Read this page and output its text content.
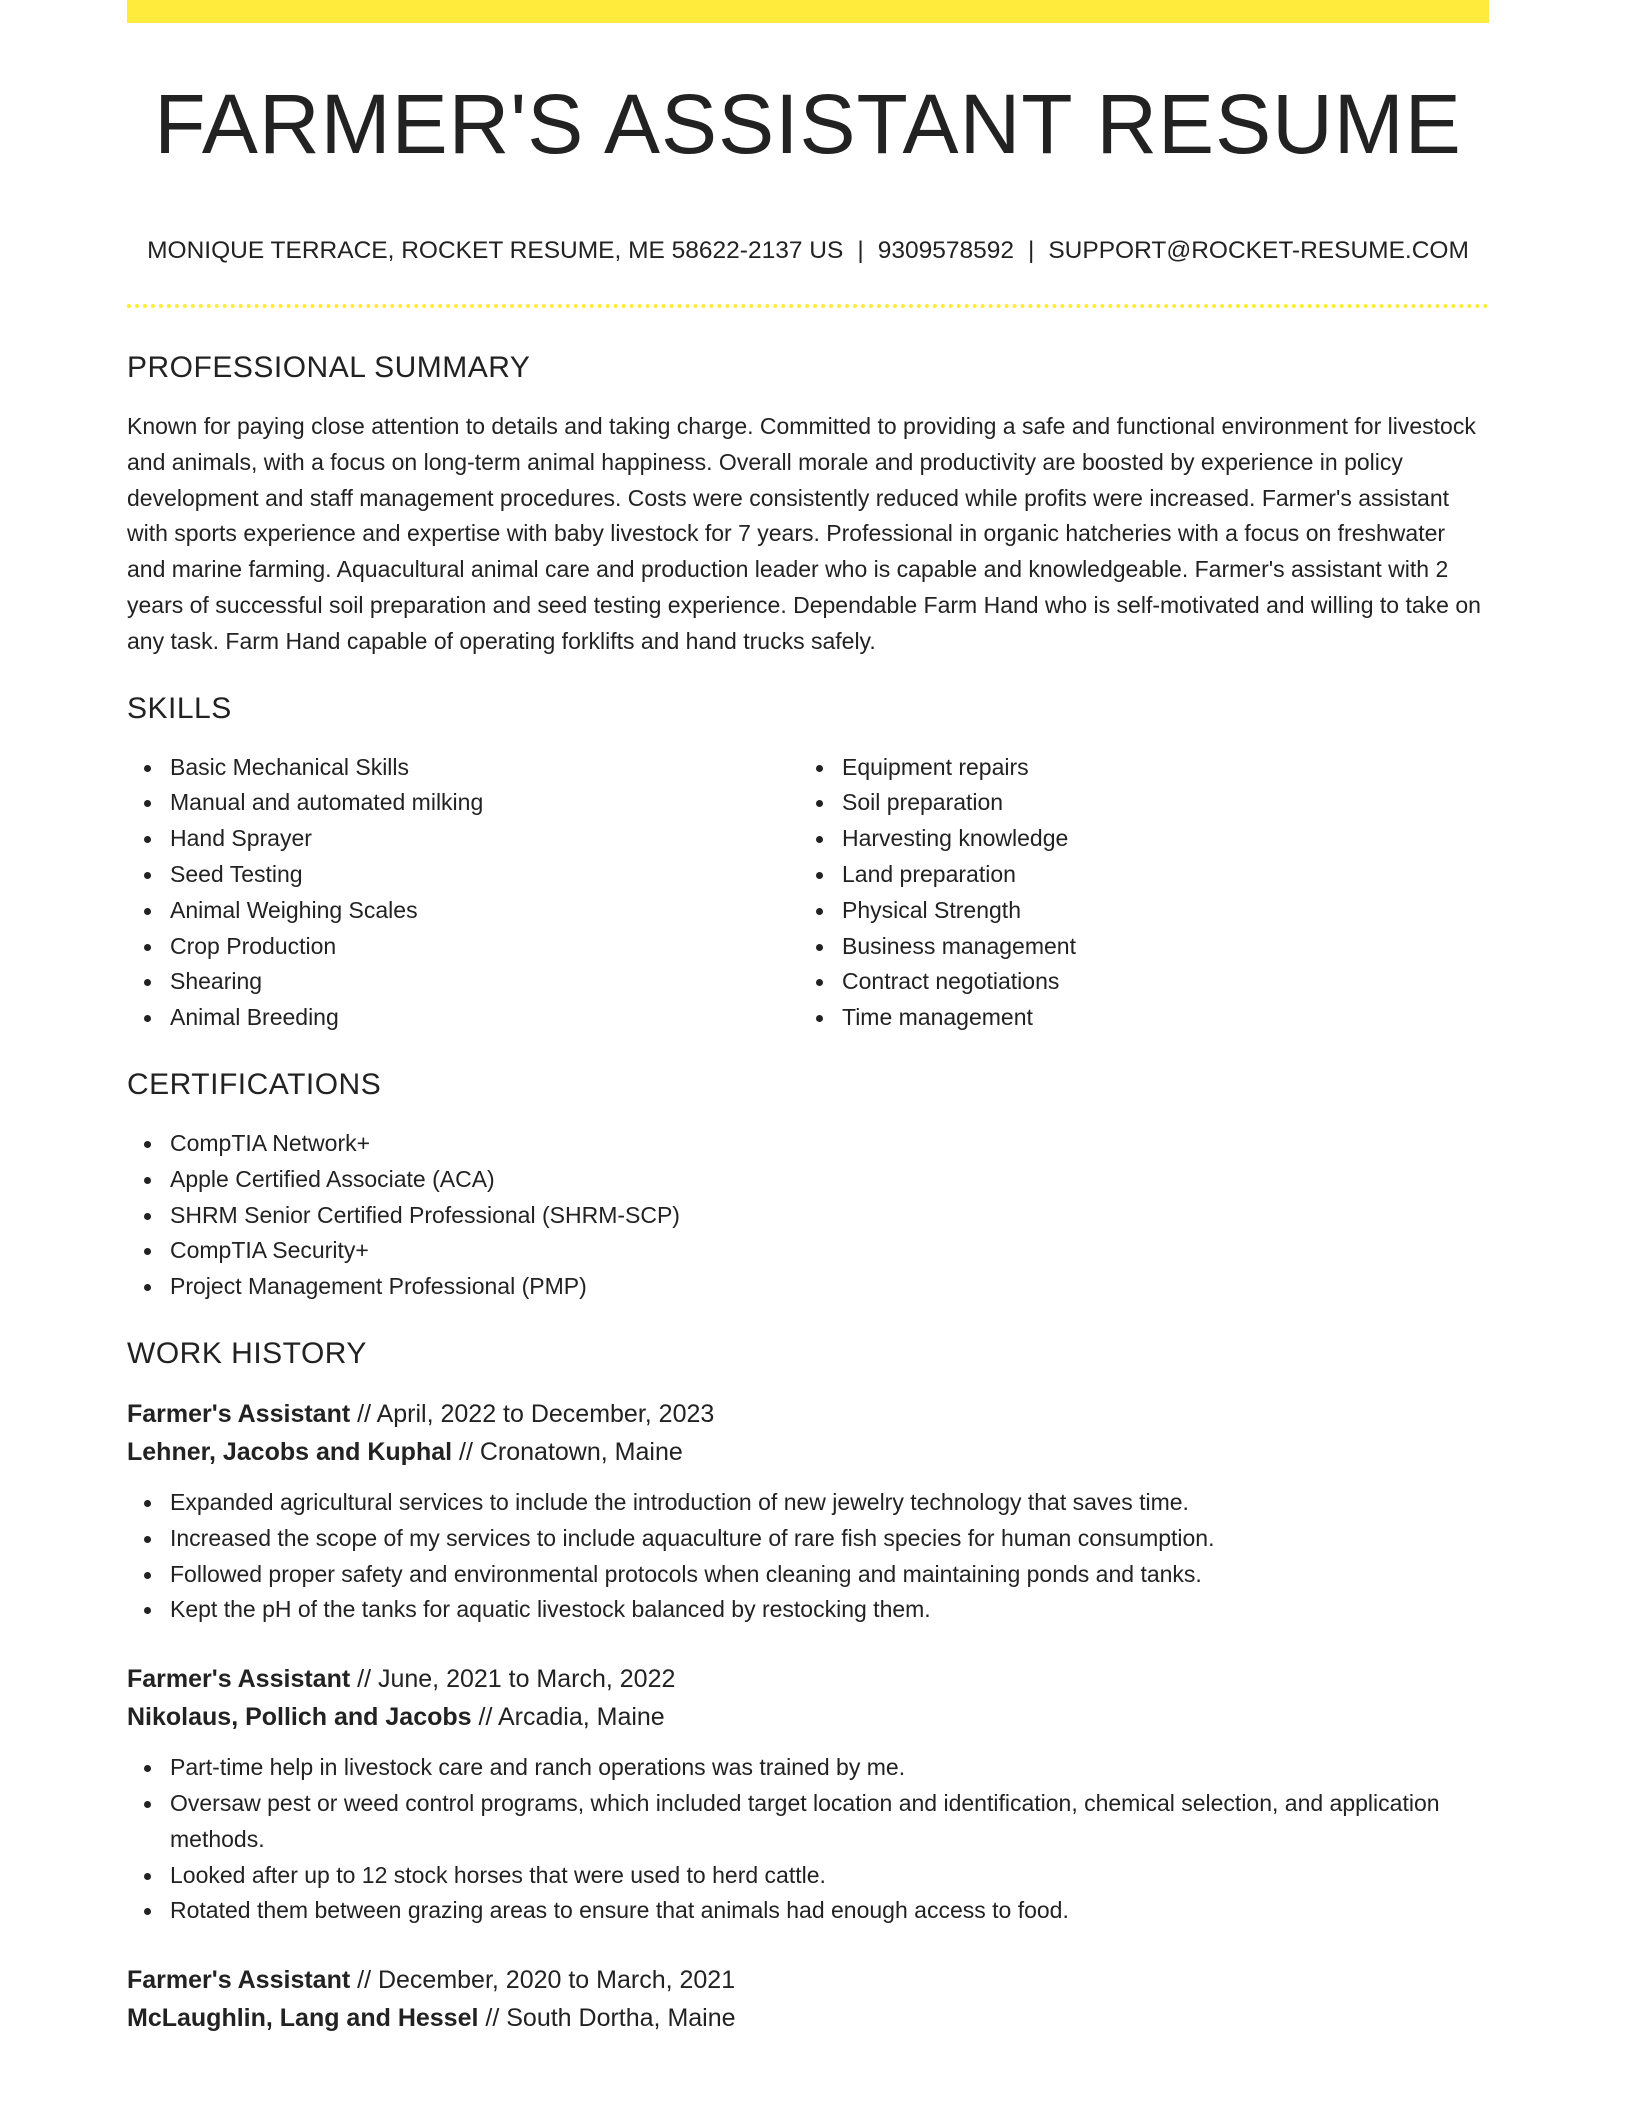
FARMER'S ASSISTANT RESUME
MONIQUE TERRACE, ROCKET RESUME, ME 58622-2137 US | 9309578592 | SUPPORT@ROCKET-RESUME.COM
PROFESSIONAL SUMMARY

Known for paying close attention to details and taking charge. Committed to providing a safe and functional environment for livestock and animals, with a focus on long-term animal happiness. Overall morale and productivity are boosted by experience in policy development and staff management procedures. Costs were consistently reduced while profits were increased. Farmer's assistant with sports experience and expertise with baby livestock for 7 years. Professional in organic hatcheries with a focus on freshwater and marine farming. Aquacultural animal care and production leader who is capable and knowledgeable. Farmer's assistant with 2 years of successful soil preparation and seed testing experience. Dependable Farm Hand who is self-motivated and willing to take on any task. Farm Hand capable of operating forklifts and hand trucks safely.

SKILLS
Basic Mechanical Skills
Manual and automated milking
Hand Sprayer
Seed Testing
Animal Weighing Scales
Crop Production
Shearing
Animal Breeding
Equipment repairs
Soil preparation
Harvesting knowledge
Land preparation
Physical Strength
Business management
Contract negotiations
Time management
CERTIFICATIONS
CompTIA Network+
Apple Certified Associate (ACA)
SHRM Senior Certified Professional (SHRM-SCP)
CompTIA Security+
Project Management Professional (PMP)
WORK HISTORY
Farmer's Assistant // April, 2022 to December, 2023
Lehner, Jacobs and Kuphal // Cronatown, Maine
Expanded agricultural services to include the introduction of new jewelry technology that saves time.
Increased the scope of my services to include aquaculture of rare fish species for human consumption.
Followed proper safety and environmental protocols when cleaning and maintaining ponds and tanks.
Kept the pH of the tanks for aquatic livestock balanced by restocking them.
Farmer's Assistant // June, 2021 to March, 2022
Nikolaus, Pollich and Jacobs // Arcadia, Maine
Part-time help in livestock care and ranch operations was trained by me.
Oversaw pest or weed control programs, which included target location and identification, chemical selection, and application methods.
Looked after up to 12 stock horses that were used to herd cattle.
Rotated them between grazing areas to ensure that animals had enough access to food.
Farmer's Assistant // December, 2020 to March, 2021
McLaughlin, Lang and Hessel // South Dortha, Maine
